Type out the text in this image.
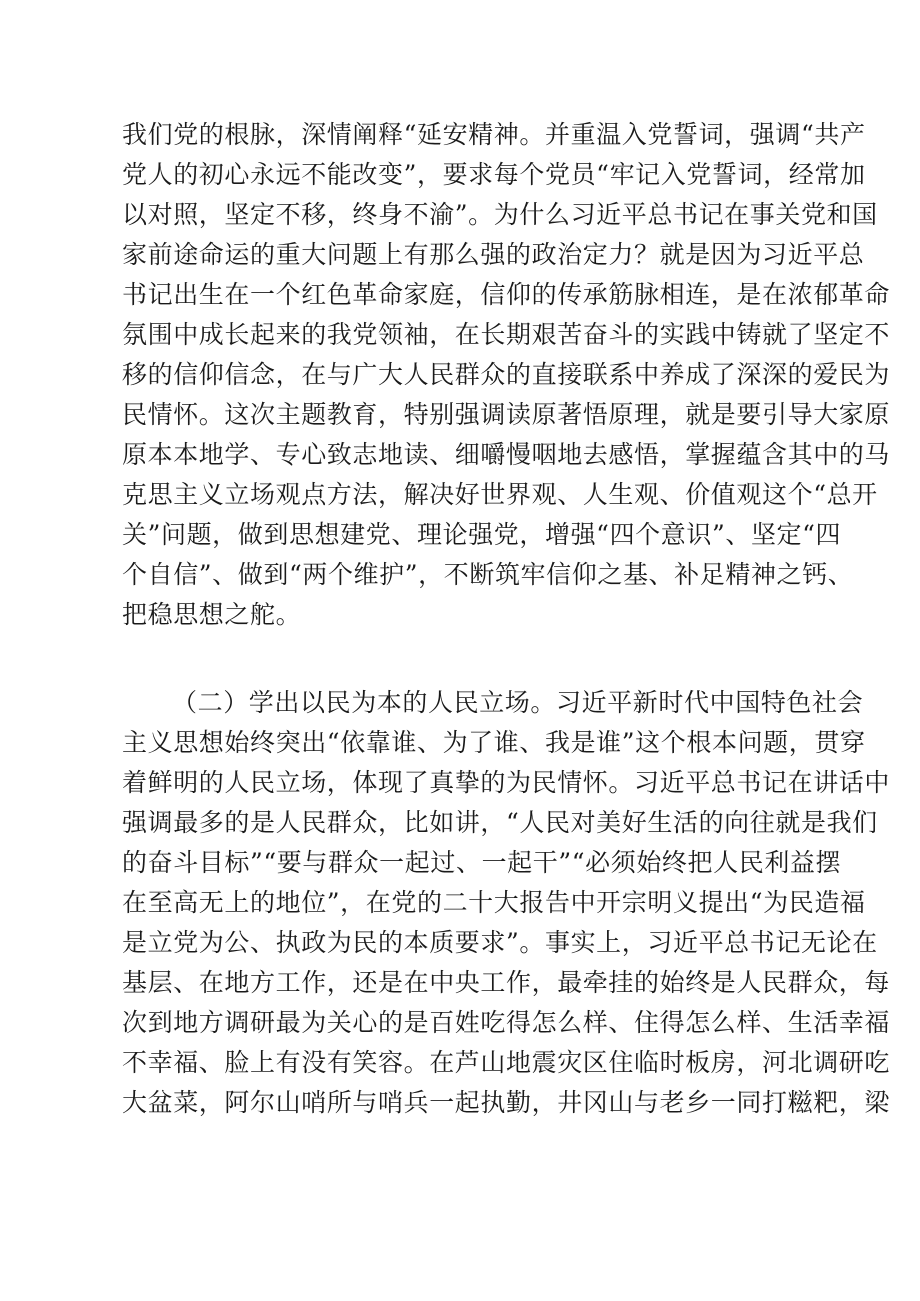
我们党的根脉，深情阐释“延安精神。并重温入党誓词，强调“共产
党人的初心永远不能改变”，要求每个党员“牢记入党誓词，经常加
以对照，坚定不移，终身不渝”。为什么习近平总书记在事关党和国
家前途命运的重大问题上有那么强的政治定力？就是因为习近平总
书记出生在一个红色革命家庭，信仰的传承筋脉相连，是在浓郁革命
氛围中成长起来的我党领袖，在长期艰苦奋斗的实践中铸就了坚定不
移的信仰信念，在与广大人民群众的直接联系中养成了深深的爱民为
民情怀。这次主题教育，特别强调读原著悟原理，就是要引导大家原
原本本地学、专心致志地读、细嚼慢咽地去感悟，掌握蕴含其中的马
克思主义立场观点方法，解决好世界观、人生观、价值观这个“总开
关”问题，做到思想建党、理论强党，增强“四个意识”、坚定“四
个自信”、做到“两个维护”，不断筑牢信仰之基、补足精神之钙、
把稳思想之舵。
（二）学出以民为本的人民立场。习近平新时代中国特色社会
主义思想始终突出“依靠谁、为了谁、我是谁”这个根本问题，贯穿
着鲜明的人民立场，体现了真挚的为民情怀。习近平总书记在讲话中
强调最多的是人民群众，比如讲，“人民对美好生活的向往就是我们
的奋斗目标”“要与群众一起过、一起干”“必须始终把人民利益摆
在至高无上的地位”，在党的二十大报告中开宗明义提出“为民造福
是立党为公、执政为民的本质要求”。事实上，习近平总书记无论在
基层、在地方工作，还是在中央工作，最牵挂的始终是人民群众，每
次到地方调研最为关心的是百姓吃得怎么样、住得怎么样、生活幸福
不幸福、脸上有没有笑容。在芦山地震灾区住临时板房，河北调研吃
大盆菜，阿尔山哨所与哨兵一起执勤，井冈山与老乡一同打糍粑，梁
